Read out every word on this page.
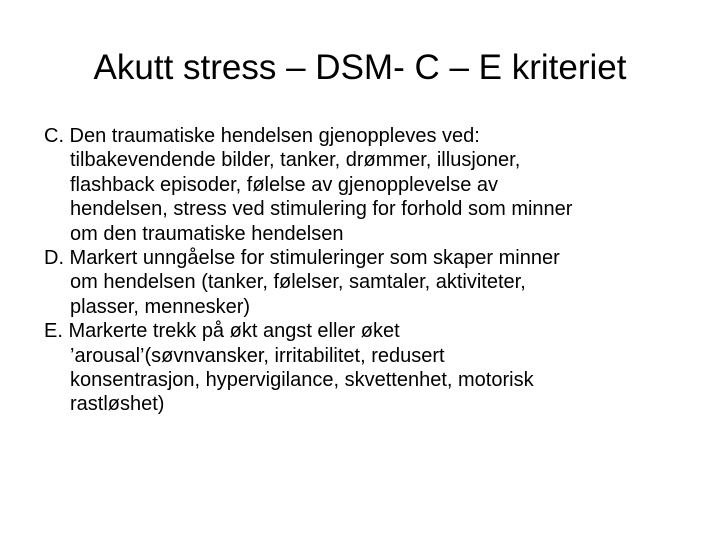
Akutt stress – DSM- C – E kriteriet
C. Den traumatiske hendelsen gjenoppleves ved:
tilbakevendende bilder, tanker, drømmer, illusjoner,
flashback episoder, følelse av gjenopplevelse av
hendelsen, stress ved stimulering for forhold som minner
om den traumatiske hendelsen
D. Markert unngåelse for stimuleringer som skaper minner
om hendelsen (tanker, følelser, samtaler, aktiviteter,
plasser, mennesker)
E. Markerte trekk på økt angst eller øket
’arousal’(søvnvansker, irritabilitet, redusert
konsentrasjon, hypervigilance, skvettenhet, motorisk
rastløshet)
